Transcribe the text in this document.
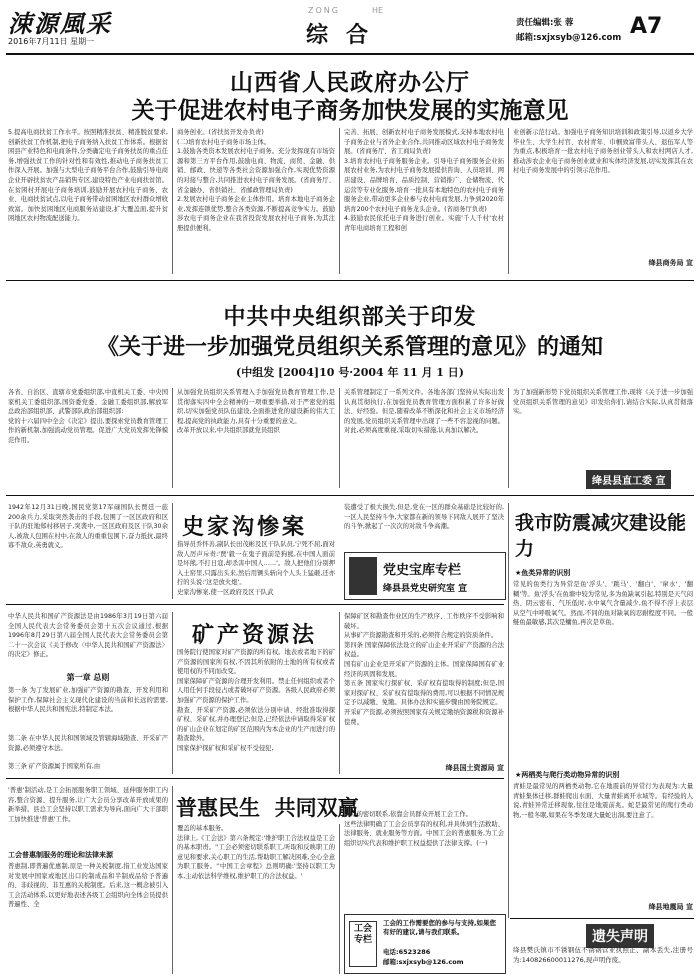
涑源風采
2016年7月11日 星期一
ZONG	HE
综合	责任编辑:张 蓉
邮箱:sxjxsyb@126.com A7
山西省人民政府办公厅
关于促进农村电子商务加快发展的实施意见
5.提高电商扶贫工作水平。按照精准扶贫、精准脱贫要求,创新扶贫工作机制,把电子商务纳入扶贫工作体系。根据贫困县产业特色和电商条件,分类确定电子商务扶贫的重点任务,增强扶贫工作的针对性和有效性,推动电子商务扶贫工作深入开展。加强与大型电子商务平台合作,鼓励引导电商企业开辟扶贫农产品销售专区,建设特色产业电商扶贫馆。在贫困村开展电子商务培训,鼓励开展农村电子商务、农业、电商扶贫试点,以电子商务带动贫困地区农村群众增收致富。加快贫困地区电商服务站建设,扩大覆盖面,提升贫困地区农村物流配送能力。
商务创业。(省扶贫开发办负责)
(二)培育农村电子商务市场主体。
1.鼓励各类资本发展农村电子商务。充分发挥现有市场资源和第三方平台作用,鼓励电商、物流、商贸、金融、供销、邮政、快递等各类社会资源加强合作,实现优势资源的对接与整合,共同推进农村电子商务发展。(省商务厅、省金融办、省供销社、省邮政管理局负责)
2.发展农村电子商务企业主体作用。培育本地电子商务企业,发挥连锁优势,整合各类资源,不断提高竞争实力。鼓励涉农电子商务企业在我省投资发展农村电子商务,为其注册提供便利。
完善、拓展、创新农村电子商务发展模式,支持本地农村电子商务企业与省外企业合作,共同推动区域农村电子商务发展。(省商务厅、省工商局负责)
3.培育农村电子商务服务企业。引导电子商务服务企业拓展农村业务,为农村电子商务发展提供咨询、人员培训、网店建设、品牌培育、品质控制、营销推广、仓储物流、代运营等专业化服务,培育一批具有本地特色的农村电子商务服务企业,带动更多企业参与农村电商发展,力争到2020年培育200个农村电子商务龙头企业。(省商务厅负责)
4.鼓励农民依托电子商务进行创业。实施'千人千村'农村青年电商培育工程和创
业创新示范行动。加强电子商务知识培训和政策引导,以返乡大学毕业生、大学生村官、农村青年、巾帼致富带头人、退伍军人等为重点,积极培育一批农村电子商务创业带头人和农村网店人才,推动涉农企业电子商务创业就业和实体经济发展,切实发挥其在农村电子商务发展中的引领示范作用。
绛县商务局 宣
中共中央组织部关于印发
《关于进一步加强党员组织关系管理的意见》的通知
(中组发 [2004]10 号·2004 年 11 月 1 日)
各省、自治区、直辖市党委组织部,中直机关工委、中央国家机关工委组织部,国资委党委、金融工委组织部,解放军总政治部组织部、武警部队政治部组织部:
党的十六届四中全会《决定》提出,要探索党员教育管理工作的新机制,加强流动党员管理。促进广大党员发挥先锋模范作用。
从加强党员组织关系管理入手加强党员教育管理工作,是贯彻落实四中全会精神的一项重要举措,对于严密党的组织,切实加强党员队伍建设,全面推进党的建设新的伟大工程,提高党的执政能力,具有十分重要的意义。
改革开放以来,中共组织部就党员组织
关系管理制定了一系列文件。各地各部门坚持从实际出发认真贯彻执行,在加强党员教育管理方面积累了许多好做法、好经验。但是,随着改革不断深化和社会主义市场经济的发展,党员组织关系管理中出现了一些不容忽视的问题。对此,必须高度重视,采取切实措施,认真加以解决。
为了加强新形势下党员组织关系管理工作,现将《关于进一步加强党员组织关系管理的意见》印发给你们,请结合实际,认真贯彻落实。
绛县县直工委 宣
1942年12月31日晚,国民党第17军碌国队长贾廷一旅200余兵力,采取突然袭击的手段,包围了一区区政府和区干队的驻地郑村移居子,突袭中,一区区政府及区干队30余人,被敌人包围在村中,在敌人的重重包围下,奋力抵抗,最终寡不敌众,英勇就义。
史家沟惨案
指导员乔怀善,副队长田茂彬及区干队队员,宁死不屈,面对敌人厉声斥责:'贾'毅一在鬼子面前是狗熊,在中国人面前是坏熊,不打日寇,却杀害中国人……'。敌人把他们分别押入土窑里,只露出头来,然后用铡头斩向个人头上猛砸,还亦拧的头说:'这是放火炮'。
史家沟惨案,使一区政府及区干队武
装遭受了极大损失,但是,党在一区的群众基础是比较好的,一区人民坚持斗争,大家都在新的领导下同敌人展开了坚决的斗争,掀起了一次次的对敌斗争高潮。
党史宝库专栏
绛县县党史研究室 宣
我市防震减灾建设能力
★鱼类异常的识别
常见的鱼类行为异常是鱼'浮头'、'跳马'、'翻白'、'窜水'、'翻糊'等。鱼'浮头'在鱼塘中较为常见,多为鱼缺氧引起,特别是天气闷热、阴云密布、气压低时,水中氧气含量减少,鱼不得不浮上表层从空气中呼吸氧气。然而,不同的鱼对缺氧的忍耐程度不同。一般鲢鱼最敏感,其次是鳙鱼,再次是草鱼。
★两栖类与爬行类动物异常的识别
青蛙是最常见的两栖类动物,它在地震前的异常行为表现为:大量青蛙集体迁移,群蛙爬出水面、大量青蛙离开水域等。有经验的人说,青蛙异常迁移现象,往往是地震前兆。蛇是最常见的爬行类动物,一般冬眠,如果在冬季发现大量蛇出洞,要注意了。
绛县地震局 宣
中华人民共和国矿产资源法是由1986年3月19日第六届全国人民代表大会常务委员会第十五次会议通过,根据1996年8月29日第八届全国人民代表大会常务委员会第二十一次会议《关于修改〈中华人民共和国矿产资源法〉的决定》修正。
第一章 总则
第一条 为了发展矿业,加强矿产资源的勘查、开发利用和保护工作,保障社会主义现代化建设的当前和长远的需要,根据中华人民共和国宪法,特制定本法。
第二条 在中华人民共和国领域及管辖海域勘查、开采矿产资源,必须遵守本法。
第三条 矿产资源属于国家所有,由
矿产资源法
国务院行使国家对矿产资源的所有权。地表或者地下的矿产资源的国家所有权,不因其所依附的土地的所有权或者使用权的不同而改变。
国家保障矿产资源的合理开发利用。禁止任何组织或者个人用任何手段侵占或者破坏矿产资源。各级人民政府必须加强矿产资源的保护工作。
勘查、开采矿产资源,必须依法分别申请、经批准取得探矿权、采矿权,并办理登记;但是,已经依法申请取得采矿权的矿山企业在划定的矿区范围内为本企业的生产而进行的勘查除外。
国家保护探矿权和采矿权不受侵犯,
保障矿区和勘查作业区的生产秩序、工作秩序不受影响和破坏。
从事矿产资源勘查和开采的,必须符合规定的资质条件。
第四条 国家保障依法设立的矿山企业开采矿产资源的合法权益。
国有矿山企业是开采矿产资源的主体。国家保障国有矿业经济的巩固和发展。
第五条 国家实行探矿权、采矿权有偿取得的制度;但是,国家对探矿权、采矿权有偿取得的费用,可以根据不同情况规定予以减缴、免缴。具体办法和实施步骤由国务院规定。
开采矿产资源,必须按照国家有关规定缴纳资源税和资源补偿费。
绛县国土资源局 宣
'普惠'制活动,是工会拓展服务职工领域、延伸服务职工内容,整合资源、提升服务,让广大会员分享改革开放成果的新举措。县总工会坚持以职工需求为导向,面向广大干部职工加快推进'普惠'工作。
工会普惠制服务的理论和法律来源
普惠制,即普遍优惠制,原是一种关税制度,指工业发达国家对发展中国家或地区出口的制成品和半制成品给予普遍的、非歧视的、非互惠的关税制度。后来,这一概念被引入工会活动体系,以更好地表述各级工会组织向全体会员提供普遍性、全
普惠民生  共同双赢
覆盖的基本服务。
法律上,《工会法》第六条规定:'维护职工合法权益是工会的基本职责。''工会必须密切联系职工,听取和反映职工的意见和要求,关心职工的生活,帮助职工解决困难,全心全意为职工服务。''中国工会章程》总则明确:'坚持以职工为本,主动依法科学维权,维护职工的合法权益。'
群众的密切联系,依靠会员群众开展工会工作。
这些法律明确了工会会员享有的权利,并具体到生活救助、法律服务、就业服务等方面。中国工会的普惠服务,为工会组织切实代表和维护职工权益提供了法律支撑。(一)
工会专栏
工会的工作需要您的参与与支持,如果您有好的建议,请与我们联系。
电话:6523286
邮箱:sxjxsyb@126.com
遗失声明
绛县樊氏镇市不锈钢伍不锈钢营业执照正、副本丢失,注册号为:140826600011276,现声明作废。
